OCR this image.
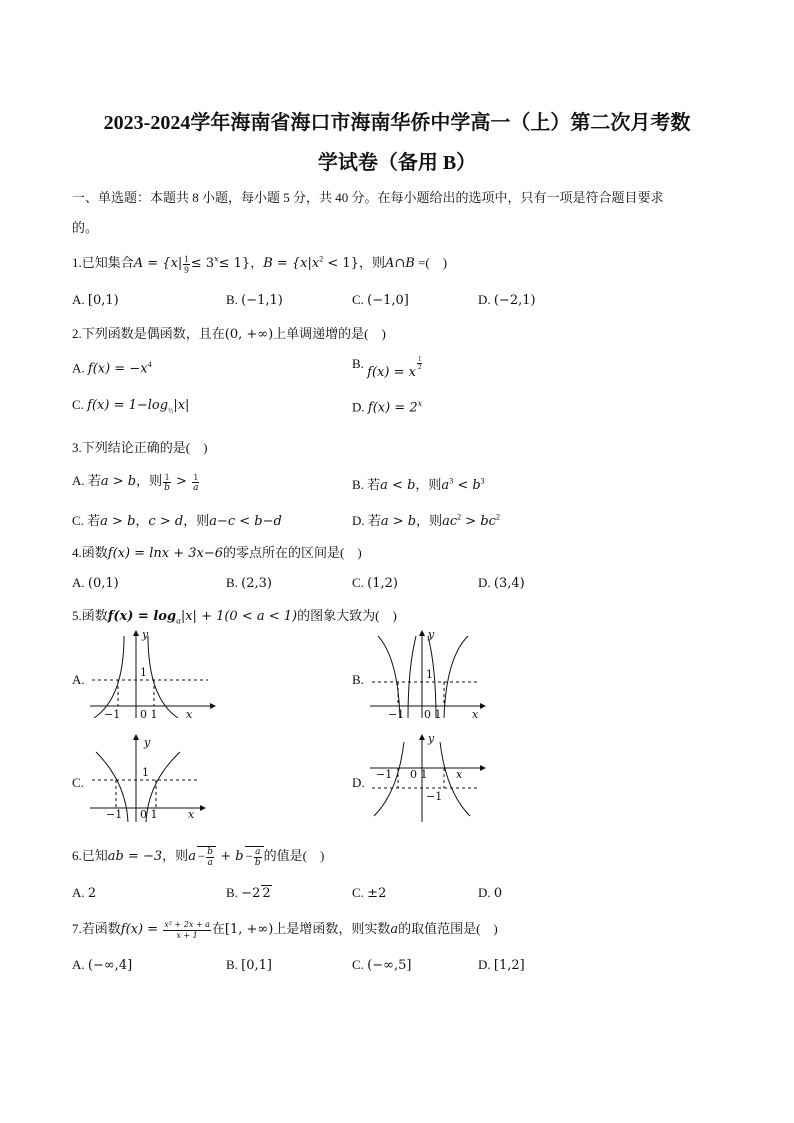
2023-2024学年海南省海口市海南华侨中学高一（上）第二次月考数
学试卷（备用 B）
一、单选题：本题共 8 小题，每小题 5 分，共 40 分。在每小题给出的选项中，只有一项是符合题目要求
的。
1.已知集合$A = \{x| \frac{1}{9} \le 3^x\le 1\}$，$B = \{x|x^2 < 1\}$，则A∩B =(　)
A. [0,1)	B. (−1,1)	C. (−1,0]	D. (−2,1)
2.下列函数是偶函数，且在(0, +∞)上单调递增的是(　)
A. $f(x) = -x^4$	B. f(x) = x
$\frac{1}{2}$
C. $f(x) = 1-\log_{\frac{1}{2}}|x|$	D. $f(x) = 2^x$
3.下列结论正确的是(　)
A. 若a > b，则 $\frac{1}{b} > \frac{1}{a}$	B. 若a < b，则$a^3 < b^3$
C. 若a > b，c > d，则a−c < b−d	D. 若a > b，则$ac^2 > bc^2$
4.函数f(x) = lnx + 3x−6的零点所在的区间是(　)
A. (0,1)	B. (2,3)	C. (1,2)	D. (3,4)
5.函数$f(x) = \log_a|x| + 1(0 < a < 1)$的图象大致为(　)
A.
y
1
−1 0 1	x
B.
y
1
−1 0 1	x
C.
y
1
−1 0 1	x
D.
y
−1 0 1	x
−1
6.已知ab = −3，则$a - \frac{b}{a} + b - \frac{a}{b}$ 的值是(　)
A. 2	B. −2 2	C. ±2	D. 0
7.若函数$f(x) = \frac{\text{x² + 2x + a}}{x + 1}$ 在[1, +∞)上是增函数，则实数a的取值范围是(　)
A. (−∞,4]	B. [0,1]	C. (−∞,5]	D. [1,2]
